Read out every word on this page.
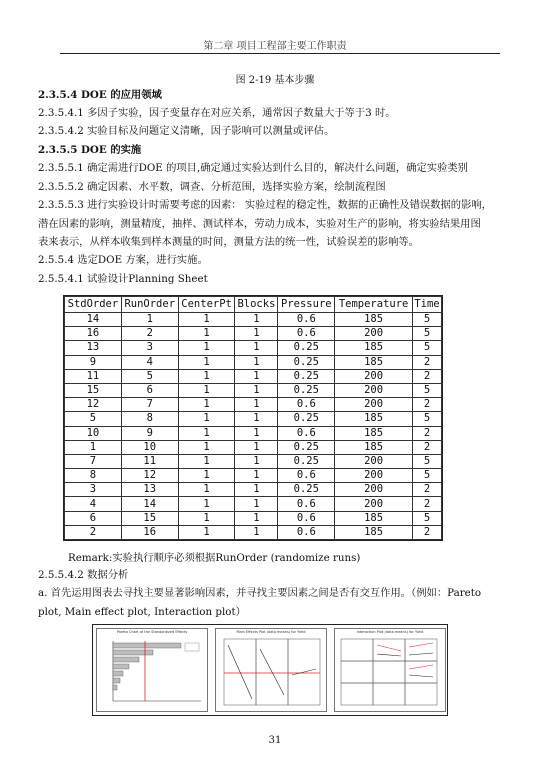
第二章 项目工程部主要工作职责
图 2-19 基本步骤
2.3.5.4 DOE 的应用领域
2.3.5.4.1 多因子实验，因子变量存在对应关系，通常因子数量大于等于3 时。
2.3.5.4.2 实验目标及问题定义清晰，因子影响可以测量或评估。
2.3.5.5 DOE 的实施
2.3.5.5.1 确定需进行DOE 的项目,确定通过实验达到什么目的，解决什么问题，确定实验类别
2.3.5.5.2 确定因素、水平数，调查、分析范围，选择实验方案，绘制流程图
2.3.5.5.3 进行实验设计时需要考虑的因素： 实验过程的稳定性，数据的正确性及错误数据的影响，
潜在因素的影响，测量精度，抽样、测试样本，劳动力成本，实验对生产的影响，将实验结果用图
表来表示，从样本收集到样本测量的时间，测量方法的统一性，试验误差的影响等。
2.5.5.4 选定DOE 方案，进行实施。
2.5.5.4.1 试验设计Planning Sheet
StdOrder	RunOrder	CenterPt	Blocks	Pressure	Temperature	Time
14	1	1	1	0.6	185	5
16	2	1	1	0.6	200	5
13	3	1	1	0.25	185	5
9	4	1	1	0.25	185	2
11	5	1	1	0.25	200	2
15	6	1	1	0.25	200	5
12	7	1	1	0.6	200	2
5	8	1	1	0.25	185	5
10	9	1	1	0.6	185	2
1	10	1	1	0.25	185	2
7	11	1	1	0.25	200	5
8	12	1	1	0.6	200	5
3	13	1	1	0.25	200	2
4	14	1	1	0.6	200	2
6	15	1	1	0.6	185	5
2	16	1	1	0.6	185	2
Remark:实验执行顺序必须根据RunOrder (randomize runs)
2.5.5.4.2 数据分析
a. 首先运用图表去寻找主要显著影响因素，并寻找主要因素之间是否有交互作用。（例如：Pareto
plot, Main effect plot, Interaction plot）
Pareto Chart of the Standardized Effects	Main Effects Plot (data means) for Yield	Interaction Plot (data means) for Yield
31
